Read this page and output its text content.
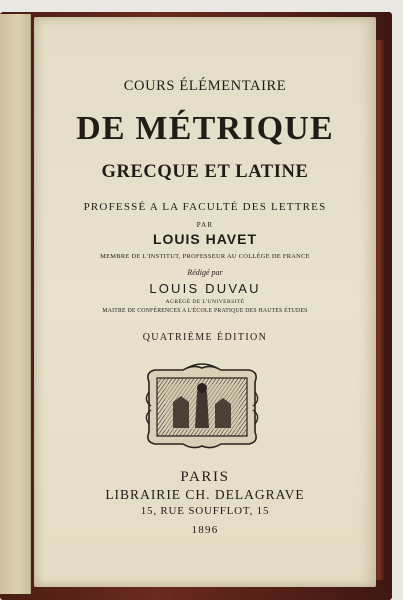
COURS ÉLÉMENTAIRE
DE MÉTRIQUE
GRECQUE ET LATINE
PROFESSÉ A LA FACULTÉ DES LETTRES
PAR
LOUIS HAVET
MEMBRE DE L'INSTITUT, PROFESSEUR AU COLLÈGE DE FRANCE
Rédigé par
LOUIS DUVAU
AGRÉGÉ DE L'UNIVERSITÉ
MAITRE DE CONFÉRENCES A L'ÉCOLE PRATIQUE DES HAUTES ÉTUDES
QUATRIÈME ÉDITION
PARIS
LIBRAIRIE CH. DELAGRAVE
15, RUE SOUFFLOT, 15
1896
